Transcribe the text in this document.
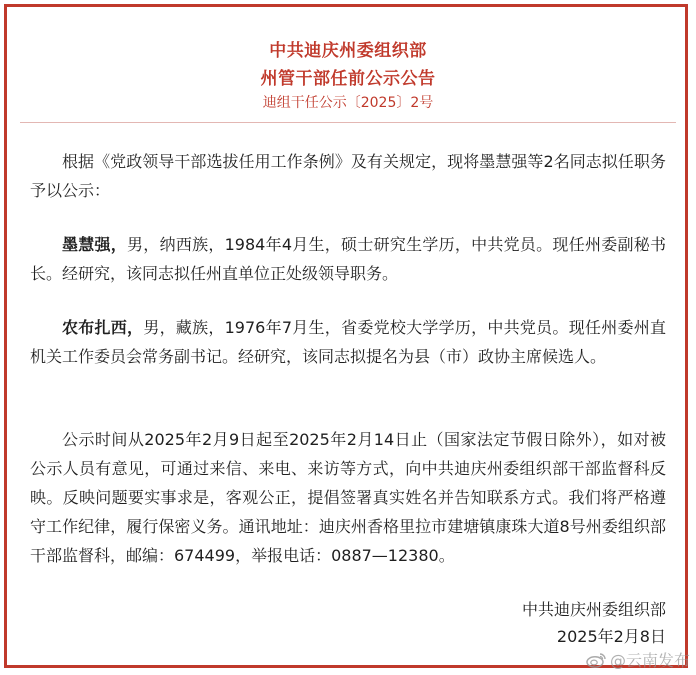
中共迪庆州委组织部
州管干部任前公示公告
迪组干任公示〔2025〕2号

根据《党政领导干部选拔任用工作条例》及有关规定，现将墨慧强等2名同志拟任职务予以公示：

墨慧强，男，纳西族，1984年4月生，硕士研究生学历，中共党员。现任州委副秘书长。经研究，该同志拟任州直单位正处级领导职务。

农布扎西，男，藏族，1976年7月生，省委党校大学学历，中共党员。现任州委州直机关工作委员会常务副书记。经研究，该同志拟提名为县（市）政协主席候选人。

公示时间从2025年2月9日起至2025年2月14日止（国家法定节假日除外），如对被公示人员有意见，可通过来信、来电、来访等方式，向中共迪庆州委组织部干部监督科反映。反映问题要实事求是，客观公正，提倡签署真实姓名并告知联系方式。我们将严格遵守工作纪律，履行保密义务。通讯地址：迪庆州香格里拉市建塘镇康珠大道8号州委组织部干部监督科，邮编：674499，举报电话：0887—12380。

中共迪庆州委组织部
2025年2月8日
@云南发布
